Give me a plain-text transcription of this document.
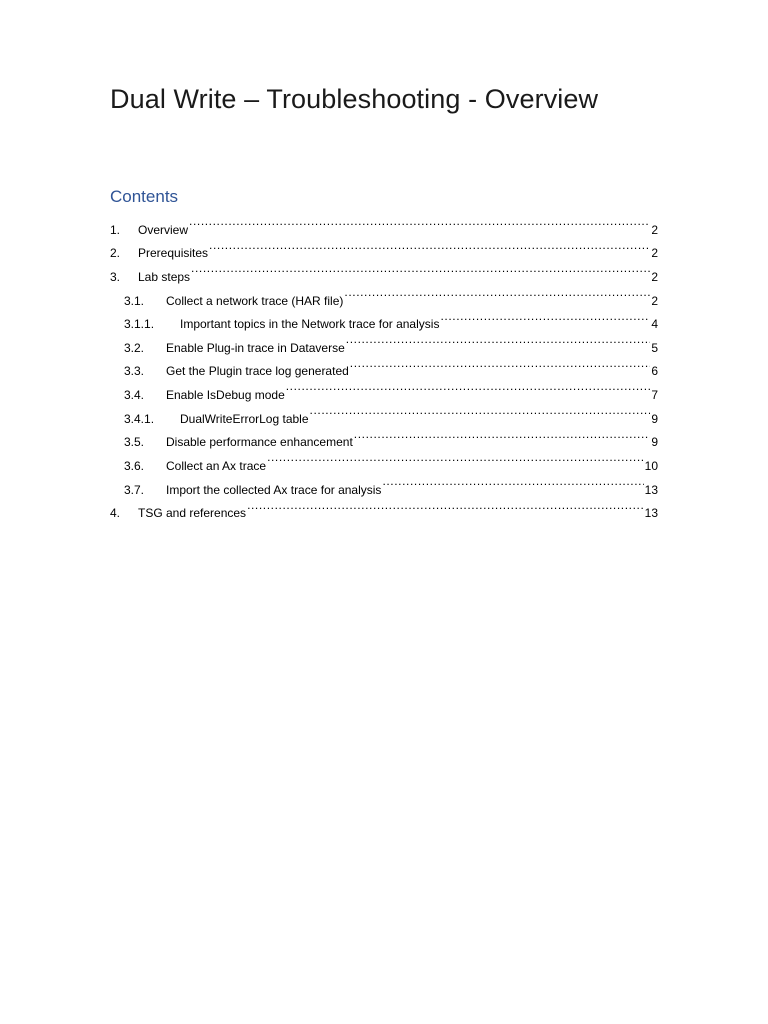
Dual Write – Troubleshooting - Overview
Contents
1.	Overview .....	2
2.	Prerequisites .....	2
3.	Lab steps .....	2
3.1.	Collect a network trace (HAR file) .....	2
3.1.1.	Important topics in the Network trace for analysis .....	4
3.2.	Enable Plug-in trace in Dataverse .....	5
3.3.	Get the Plugin trace log generated .....	6
3.4.	Enable IsDebug mode .....	7
3.4.1.	DualWriteErrorLog table .....	9
3.5.	Disable performance enhancement .....	9
3.6.	Collect an Ax trace .....	10
3.7.	Import the collected Ax trace for analysis .....	13
4.	TSG and references .....	13
